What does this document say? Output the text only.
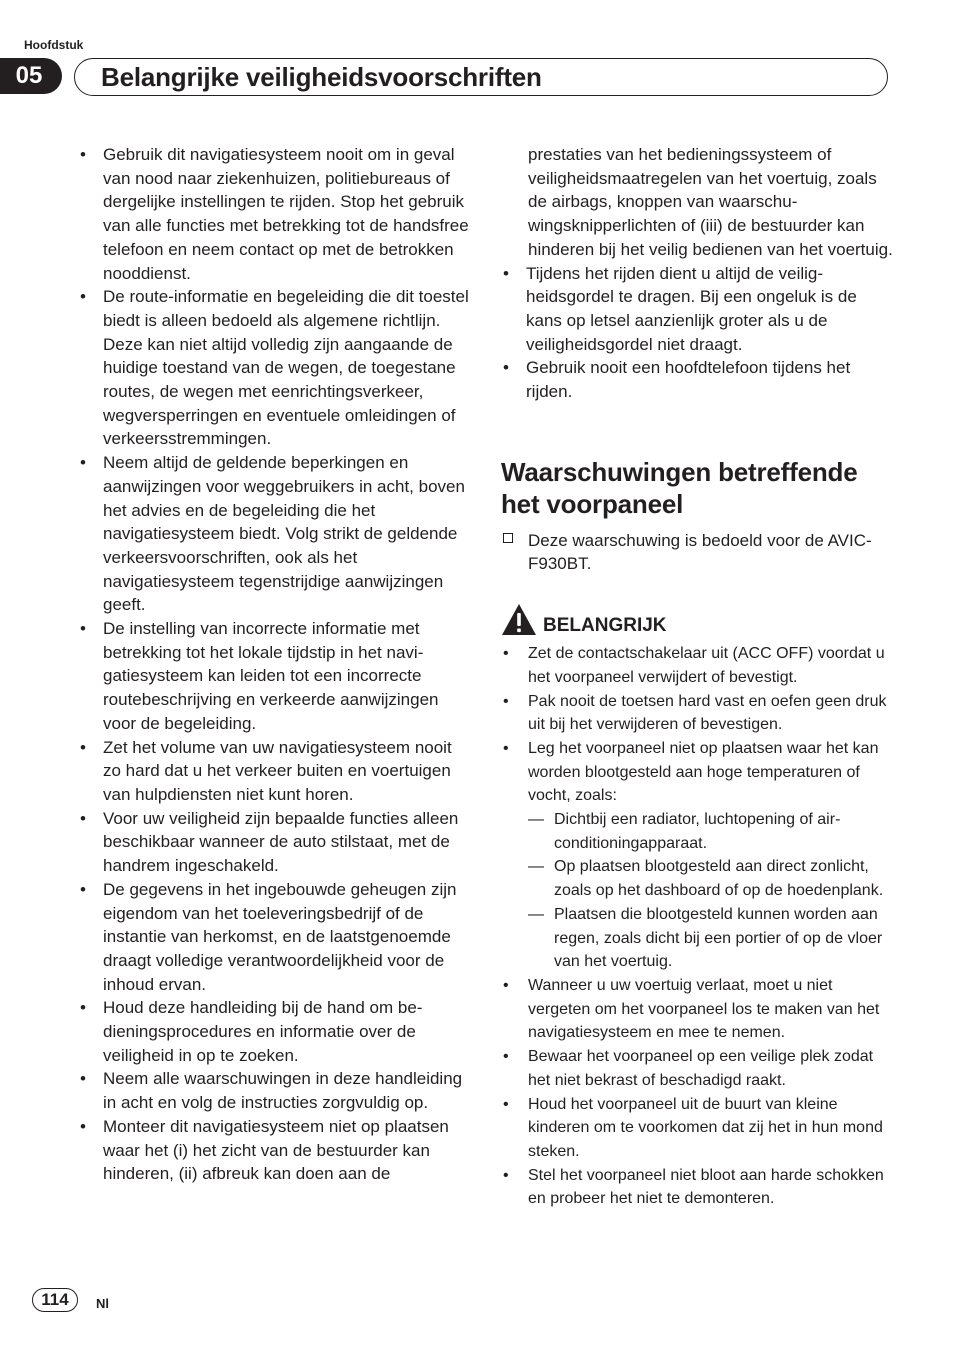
Hoofdstuk
05	Belangrijke veiligheidsvoorschriften
• Gebruik dit navigatiesysteem nooit om in geval van nood naar ziekenhuizen, politiebureaus of dergelijke instellingen te rijden. Stop het gebruik van alle functies met betrekking tot de handsfree telefoon en neem contact op met de betrokken nooddienst.
• De route-informatie en begeleiding die dit toestel biedt is alleen bedoeld als algemene richtlijn. Deze kan niet altijd volledig zijn aangaande de huidige toestand van de wegen, de toegestane routes, de wegen met eenrichtingsverkeer, wegversperringen en eventuele omleidingen of verkeersstremmingen.
• Neem altijd de geldende beperkingen en aanwijzingen voor weggebruikers in acht, boven het advies en de begeleiding die het navigatiesysteem biedt. Volg strikt de geldende verkeersvoorschriften, ook als het navigatiesysteem tegenstrijdige aanwijzingen geeft.
• De instelling van incorrecte informatie met betrekking tot het lokale tijdstip in het navigatiesysteem kan leiden tot een incorrecte routebeschrijving en verkeerde aanwijzingen voor de begeleiding.
• Zet het volume van uw navigatiesysteem nooit zo hard dat u het verkeer buiten en voertuigen van hulpdiensten niet kunt horen.
• Voor uw veiligheid zijn bepaalde functies alleen beschikbaar wanneer de auto stilstaat, met de handrem ingeschakeld.
• De gegevens in het ingebouwde geheugen zijn eigendom van het toeleveringsbedrijf of de instantie van herkomst, en de laatstgenoemde draagt volledige verantwoordelijkheid voor de inhoud ervan.
• Houd deze handleiding bij de hand om bedieningsprocedures en informatie over de veiligheid in op te zoeken.
• Neem alle waarschuwingen in deze handleiding in acht en volg de instructies zorgvuldig op.
• Monteer dit navigatiesysteem niet op plaatsen waar het (i) het zicht van de bestuurder kan hinderen, (ii) afbreuk kan doen aan de
prestaties van het bedieningssysteem of veiligheidsmaatregelen van het voertuig, zoals de airbags, knoppen van waarschuwingsknipperlichten of (iii) de bestuurder kan hinderen bij het veilig bedienen van het voertuig.
• Tijdens het rijden dient u altijd de veiligheidsgordel te dragen. Bij een ongeluk is de kans op letsel aanzienlijk groter als u de veiligheidsgordel niet draagt.
• Gebruik nooit een hoofdtelefoon tijdens het rijden.
Waarschuwingen betreffende het voorpaneel
Deze waarschuwing is bedoeld voor de AVIC-F930BT.
BELANGRIJK
• Zet de contactschakelaar uit (ACC OFF) voordat u het voorpaneel verwijdert of bevestigt.
• Pak nooit de toetsen hard vast en oefen geen druk uit bij het verwijderen of bevestigen.
• Leg het voorpaneel niet op plaatsen waar het kan worden blootgesteld aan hoge temperaturen of vocht, zoals:
— Dichtbij een radiator, luchtopening of airconditioningapparaat.
— Op plaatsen blootgesteld aan direct zonlicht, zoals op het dashboard of op de hoedenplank.
— Plaatsen die blootgesteld kunnen worden aan regen, zoals dicht bij een portier of op de vloer van het voertuig.
• Wanneer u uw voertuig verlaat, moet u niet vergeten om het voorpaneel los te maken van het navigatiesysteem en mee te nemen.
• Bewaar het voorpaneel op een veilige plek zodat het niet bekrast of beschadigd raakt.
• Houd het voorpaneel uit de buurt van kleine kinderen om te voorkomen dat zij het in hun mond steken.
• Stel het voorpaneel niet bloot aan harde schokken en probeer het niet te demonteren.
114	Nl
